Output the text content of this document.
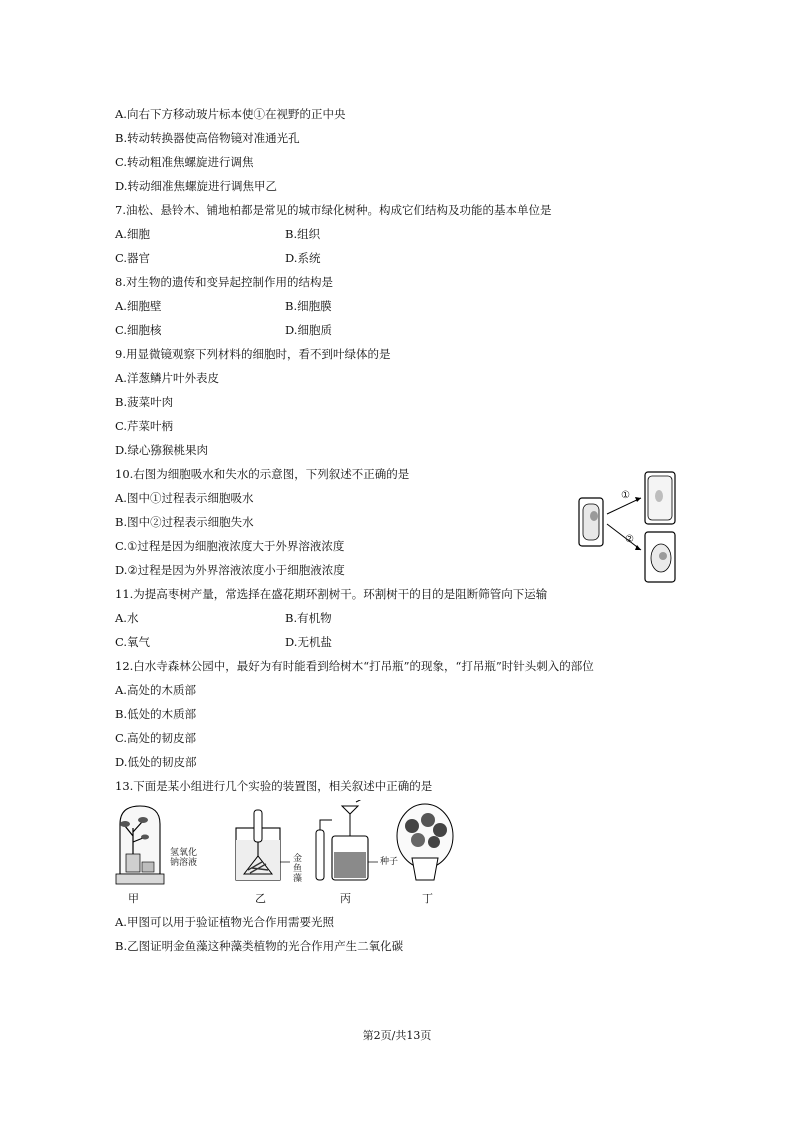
A.向右下方移动玻片标本使①在视野的正中央
B.转动转换器使高倍物镜对准通光孔
C.转动粗准焦螺旋进行调焦
D.转动细准焦螺旋进行调焦甲乙
7.油松、悬铃木、铺地柏都是常见的城市绿化树种。构成它们结构及功能的基本单位是
A.细胞	B.组织
C.器官	D.系统
8.对生物的遗传和变异起控制作用的结构是
A.细胞壁	B.细胞膜
C.细胞核	D.细胞质
9.用显微镜观察下列材料的细胞时，看不到叶绿体的是
A.洋葱鳞片叶外表皮
B.菠菜叶肉
C.芹菜叶柄
D.绿心猕猴桃果肉
10.右图为细胞吸水和失水的示意图，下列叙述不正确的是
A.图中①过程表示细胞吸水
B.图中②过程表示细胞失水
C.①过程是因为细胞液浓度大于外界溶液浓度
D.②过程是因为外界溶液浓度小于细胞液浓度
11.为提高枣树产量，常选择在盛花期环割树干。环割树干的目的是阻断筛管向下运输
A.水	B.有机物
C.氧气	D.无机盐
12.白水寺森林公园中，最好为有时能看到给树木“打吊瓶”的现象，“打吊瓶”时针头刺入的部位
A.高处的木质部
B.低处的木质部
C.高处的韧皮部
D.低处的韧皮部
13.下面是某小组进行几个实验的装置图，相关叙述中正确的是
①
②
氢氧化
钠溶液	金鱼藻
种子
甲	乙	丙	丁
A.甲图可以用于验证植物光合作用需要光照
B.乙图证明金鱼藻这种藻类植物的光合作用产生二氧化碳
第2页/共13页
